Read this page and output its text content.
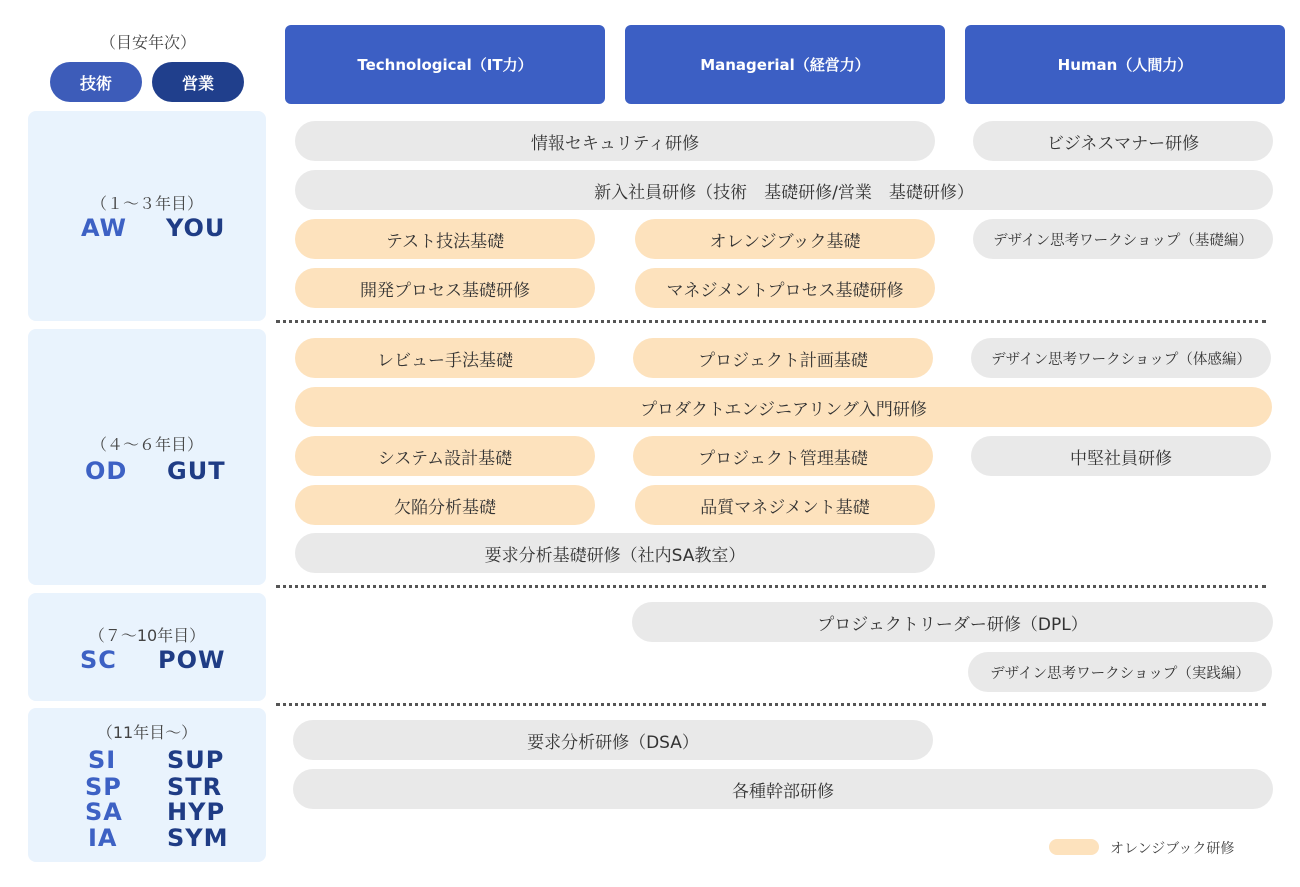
（目安年次）
技術	営業
Technological（IT力）	Managerial（経営力）	Human（人間力）
（１～３年目）
AW YOU
（４～６年目）
OD GUT
（７～10年目）
SC POW
（11年目～）
SI SUP
SP STR
SA HYP
IA SYM
情報セキュリティ研修	ビジネスマナー研修
新入社員研修（技術　基礎研修/営業　基礎研修）
テスト技法基礎	オレンジブック基礎	デザイン思考ワークショップ（基礎編）
開発プロセス基礎研修	マネジメントプロセス基礎研修
レビュー手法基礎	プロジェクト計画基礎	デザイン思考ワークショップ（体感編）
プロダクトエンジニアリング入門研修
システム設計基礎	プロジェクト管理基礎	中堅社員研修
欠陥分析基礎	品質マネジメント基礎
要求分析基礎研修（社内SA教室）
プロジェクトリーダー研修（DPL）
デザイン思考ワークショップ（実践編）
要求分析研修（DSA）
各種幹部研修
オレンジブック研修
